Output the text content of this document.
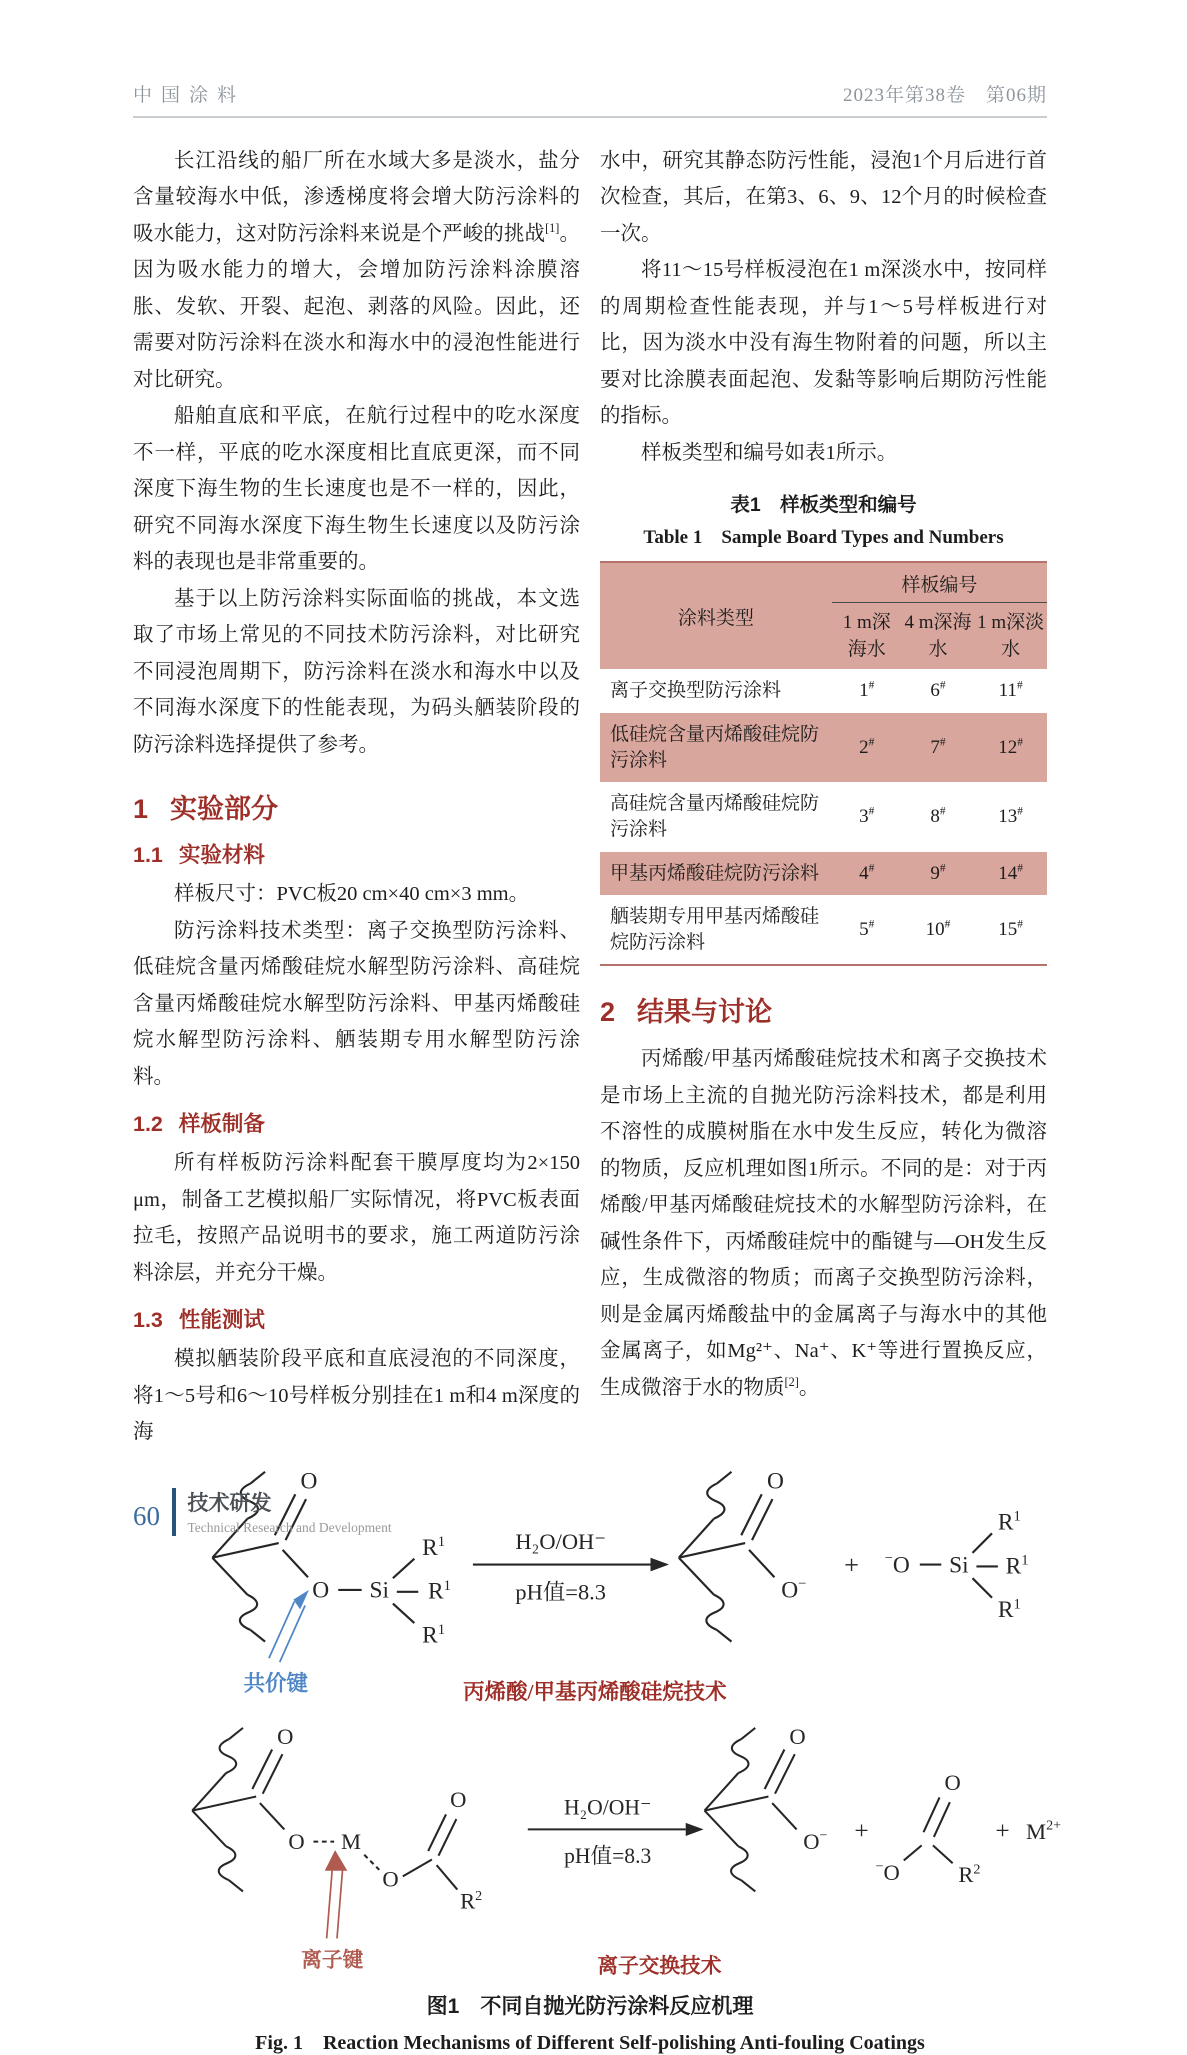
中国涂料	2023年第38卷　第06期

长江沿线的船厂所在水域大多是淡水，盐分含量较海水中低，渗透梯度将会增大防污涂料的吸水能力，这对防污涂料来说是个严峻的挑战[1]。因为吸水能力的增大，会增加防污涂料涂膜溶胀、发软、开裂、起泡、剥落的风险。因此，还需要对防污涂料在淡水和海水中的浸泡性能进行对比研究。

船舶直底和平底，在航行过程中的吃水深度不一样，平底的吃水深度相比直底更深，而不同深度下海生物的生长速度也是不一样的，因此，研究不同海水深度下海生物生长速度以及防污涂料的表现也是非常重要的。

基于以上防污涂料实际面临的挑战，本文选取了市场上常见的不同技术防污涂料，对比研究不同浸泡周期下，防污涂料在淡水和海水中以及不同海水深度下的性能表现，为码头舾装阶段的防污涂料选择提供了参考。

1 实验部分
1.1 实验材料

样板尺寸：PVC板20 cm×40 cm×3 mm。

防污涂料技术类型：离子交换型防污涂料、低硅烷含量丙烯酸硅烷水解型防污涂料、高硅烷含量丙烯酸硅烷水解型防污涂料、甲基丙烯酸硅烷水解型防污涂料、舾装期专用水解型防污涂料。

1.2 样板制备

所有样板防污涂料配套干膜厚度均为2×150 μm，制备工艺模拟船厂实际情况，将PVC板表面拉毛，按照产品说明书的要求，施工两道防污涂料涂层，并充分干燥。

1.3 性能测试

模拟舾装阶段平底和直底浸泡的不同深度，将1～5号和6～10号样板分别挂在1 m和4 m深度的海

水中，研究其静态防污性能，浸泡1个月后进行首次检查，其后，在第3、6、9、12个月的时候检查一次。

将11～15号样板浸泡在1 m深淡水中，按同样的周期检查性能表现，并与1～5号样板进行对比，因为淡水中没有海生物附着的问题，所以主要对比涂膜表面起泡、发黏等影响后期防污性能的指标。

样板类型和编号如表1所示。

表1　样板类型和编号
Table 1　Sample Board Types and Numbers
涂料类型	样板编号		
	1 m深海水	4 m深海水	1 m深淡水
离子交换型防污涂料	1#	6#	11#
低硅烷含量丙烯酸硅烷防污涂料	2#	7#	12#
高硅烷含量丙烯酸硅烷防污涂料	3#	8#	13#
甲基丙烯酸硅烷防污涂料	4#	9#	14#
舾装期专用甲基丙烯酸硅烷防污涂料	5#	10#	15#
2 结果与讨论

丙烯酸/甲基丙烯酸硅烷技术和离子交换技术是市场上主流的自抛光防污涂料技术，都是利用不溶性的成膜树脂在水中发生反应，转化为微溶的物质，反应机理如图1所示。不同的是：对于丙烯酸/甲基丙烯酸硅烷技术的水解型防污涂料，在碱性条件下，丙烯酸硅烷中的酯键与—OH发生反应，生成微溶的物质；而离子交换型防污涂料，则是金属丙烯酸盐中的金属离子与海水中的其他金属离子，如Mg²⁺、Na⁺、K⁺等进行置换反应，生成微溶于水的物质[2]。

O Si
$R^1$
$R^1$
$R^1$
共价键
H₂O/OH⁻
pH值=8.3	O−
+ −O Si
$R^1$
$R^1$
$R^1$
丙烯酸/甲基丙烯酸硅烷技术
O M
O
O
$R^2$
离子键
H₂O/OH⁻
pH值=8.3
O− +
O
−O $R^2$
+ $M^{2+}$
离子交换技术
图1　不同自抛光防污涂料反应机理
Fig. 1　Reaction Mechanisms of Different Self-polishing Anti-fouling Coatings
60 技术研发
Technical Research and Development
